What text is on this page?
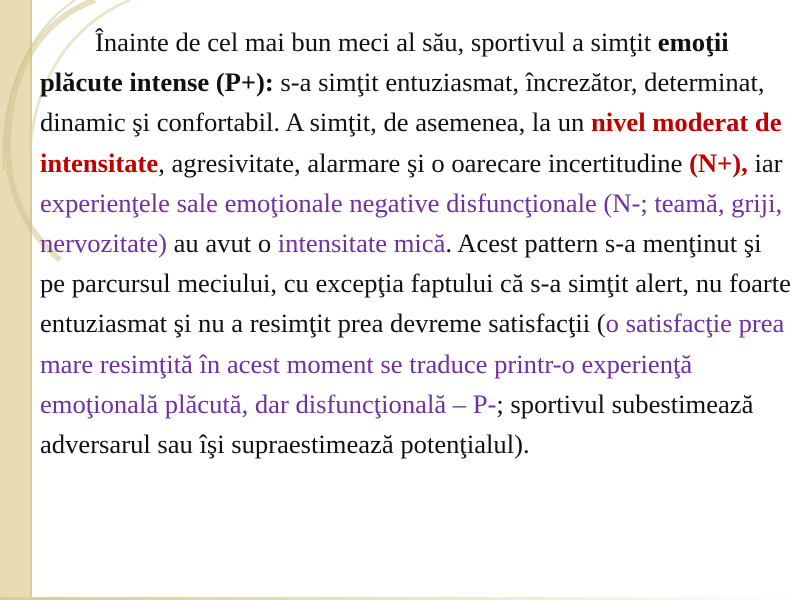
Înainte de cel mai bun meci al său, sportivul a simţit emoţii plăcute intense (P+): s-a simţit entuziasmat, încrezător, determinat, dinamic şi confortabil. A simţit, de asemenea, la un nivel moderat de intensitate, agresivitate, alarmare şi o oarecare incertitudine (N+), iar experienţele sale emoţionale negative disfuncţionale (N-; teamă, griji, nervozitate) au avut o intensitate mică. Acest pattern s-a menţinut şi pe parcursul meciului, cu excepţia faptului că s-a simţit alert, nu foarte entuziasmat şi nu a resimţit prea devreme satisfacţii (o satisfacţie prea mare resimţită în acest moment se traduce printr-o experienţă emoţională plăcută, dar disfuncţională – P-; sportivul subestimează adversarul sau îşi supraestimează potenţialul).
